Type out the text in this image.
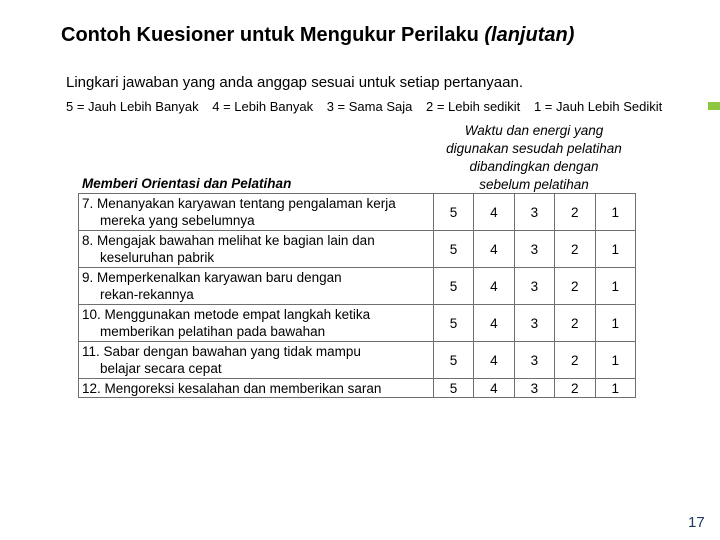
Contoh Kuesioner untuk Mengukur Perilaku (lanjutan)
Lingkari jawaban yang anda anggap sesuai untuk setiap pertanyaan.
5 = Jauh Lebih Banyak 4 = Lebih Banyak 3 = Sama Saja 2 = Lebih sedikit 1 = Jauh Lebih Sedikit
Waktu dan energi yang
digunakan sesudah pelatihan
dibandingkan dengan
sebelum pelatihan
Memberi Orientasi dan Pelatihan
7. Menanyakan karyawan tentang pengalaman kerja
mereka yang sebelumnya	5	4	3	2	1

8. Mengajak bawahan melihat ke bagian lain dan
keseluruhan pabrik	5	4	3	2	1

9. Memperkenalkan karyawan baru dengan
rekan-rekannya	5	4	3	2	1

10. Menggunakan metode empat langkah ketika
memberikan pelatihan pada bawahan	5	4	3	2	1

11. Sabar dengan bawahan yang tidak mampu
belajar secara cepat	5	4	3	2	1

12. Mengoreksi kesalahan dan memberikan saran	5	4	3	2	1
17
